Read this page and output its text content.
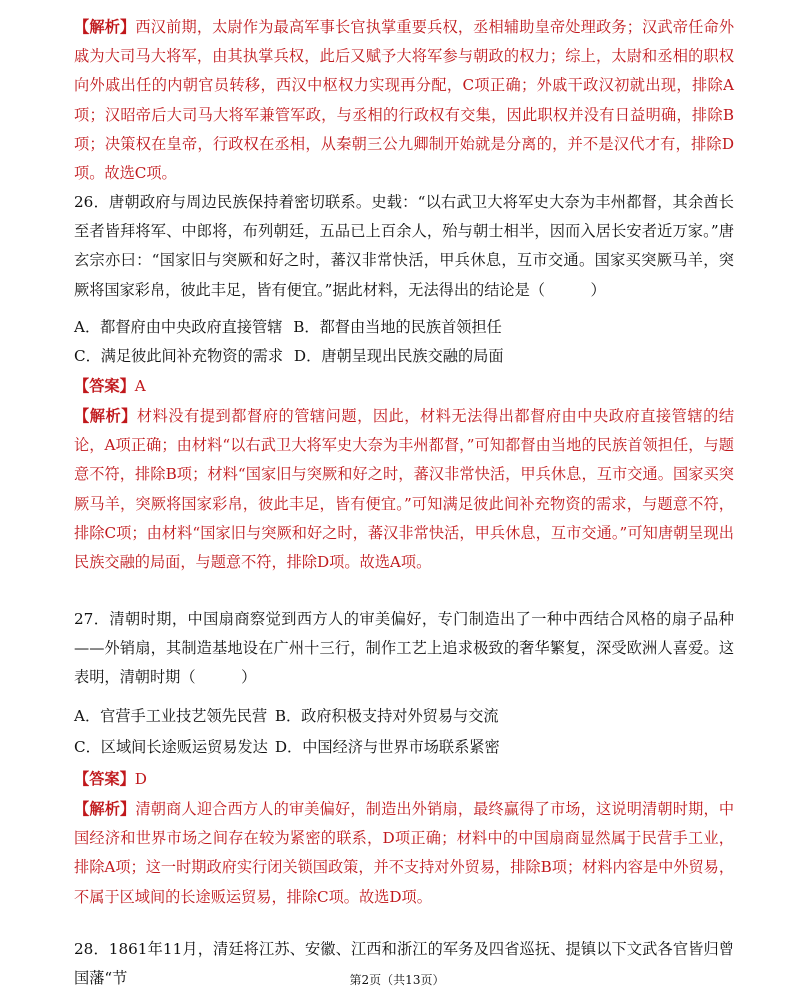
【解析】西汉前期，太尉作为最高军事长官执掌重要兵权，丞相辅助皇帝处理政务；汉武帝任命外戚为大司马大将军，由其执掌兵权，此后又赋予大将军参与朝政的权力；综上，太尉和丞相的职权向外戚出任的内朝官员转移，西汉中枢权力实现再分配，C项正确；外戚干政汉初就出现，排除A项；汉昭帝后大司马大将军兼管军政，与丞相的行政权有交集，因此职权并没有日益明确，排除B项；决策权在皇帝，行政权在丞相，从秦朝三公九卿制开始就是分离的，并不是汉代才有，排除D项。故选C项。
26．唐朝政府与周边民族保持着密切联系。史载：“以右武卫大将军史大奈为丰州都督，其余酋长至者皆拜将军、中郎将，布列朝廷，五品已上百余人，殆与朝士相半，因而入居长安者近万家。”唐玄宗亦曰：“国家旧与突厥和好之时，蕃汉非常快活，甲兵休息，互市交通。国家买突厥马羊，突厥将国家彩帛，彼此丰足，皆有便宜。”据此材料，无法得出的结论是（　　　）
A．都督府由中央政府直接管辖 B．都督由当地的民族首领担任
C．满足彼此间补充物资的需求 D．唐朝呈现出民族交融的局面
【答案】A
【解析】材料没有提到都督府的管辖问题，因此，材料无法得出都督府由中央政府直接管辖的结论，A项正确；由材料“以右武卫大将军史大奈为丰州都督，”可知都督由当地的民族首领担任，与题意不符，排除B项；材料“国家旧与突厥和好之时，蕃汉非常快活，甲兵休息，互市交通。国家买突厥马羊，突厥将国家彩帛，彼此丰足，皆有便宜。”可知满足彼此间补充物资的需求，与题意不符，排除C项；由材料“国家旧与突厥和好之时，蕃汉非常快活，甲兵休息，互市交通。”可知唐朝呈现出民族交融的局面，与题意不符，排除D项。故选A项。
27．清朝时期，中国扇商察觉到西方人的审美偏好，专门制造出了一种中西结合风格的扇子品种——外销扇，其制造基地设在广州十三行，制作工艺上追求极致的奢华繁复，深受欧洲人喜爱。这表明，清朝时期（　　　）
A．官营手工业技艺领先民营 B．政府积极支持对外贸易与交流
C．区域间长途贩运贸易发达 D．中国经济与世界市场联系紧密
【答案】D
【解析】清朝商人迎合西方人的审美偏好，制造出外销扇，最终赢得了市场，这说明清朝时期，中国经济和世界市场之间存在较为紧密的联系，D项正确；材料中的中国扇商显然属于民营手工业，排除A项；这一时期政府实行闭关锁国政策，并不支持对外贸易，排除B项；材料内容是中外贸易，不属于区域间的长途贩运贸易，排除C项。故选D项。
28．1861年11月，清廷将江苏、安徽、江西和浙江的军务及四省巡抚、提镇以下文武各官皆归曾国藩“节	第2页（共13页）
